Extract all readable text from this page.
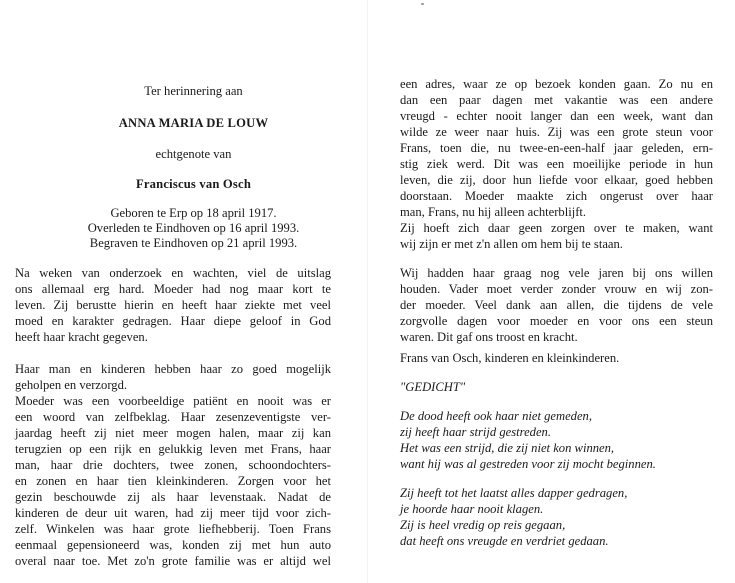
Ter herinnering aan
ANNA MARIA DE LOUW
echtgenote van
Franciscus van Osch
Geboren te Erp op 18 april 1917.
Overleden te Eindhoven op 16 april 1993.
Begraven te Eindhoven op 21 april 1993.
Na weken van onderzoek en wachten, viel de uitslag
ons allemaal erg hard. Moeder had nog maar kort te
leven. Zij berustte hierin en heeft haar ziekte met veel
moed en karakter gedragen. Haar diepe geloof in God
heeft haar kracht gegeven.
Haar man en kinderen hebben haar zo goed mogelijk
geholpen en verzorgd.
Moeder was een voorbeeldige patiënt en nooit was er
een woord van zelfbeklag. Haar zesenzeventigste ver-
jaardag heeft zij niet meer mogen halen, maar zij kan
terugzien op een rijk en gelukkig leven met Frans, haar
man, haar drie dochters, twee zonen, schoondochters-
en zonen en haar tien kleinkinderen. Zorgen voor het
gezin beschouwde zij als haar levenstaak. Nadat de
kinderen de deur uit waren, had zij meer tijd voor zich-
zelf. Winkelen was haar grote liefhebberij. Toen Frans
eenmaal gepensioneerd was, konden zij met hun auto
overal naar toe. Met zo'n grote familie was er altijd wel
een adres, waar ze op bezoek konden gaan. Zo nu en
dan een paar dagen met vakantie was een andere
vreugd - echter nooit langer dan een week, want dan
wilde ze weer naar huis. Zij was een grote steun voor
Frans, toen die, nu twee-en-een-half jaar geleden, ern-
stig ziek werd. Dit was een moeilijke periode in hun
leven, die zij, door hun liefde voor elkaar, goed hebben
doorstaan. Moeder maakte zich ongerust over haar
man, Frans, nu hij alleen achterblijft.
Zij hoeft zich daar geen zorgen over te maken, want
wij zijn er met z'n allen om hem bij te staan.
Wij hadden haar graag nog vele jaren bij ons willen
houden. Vader moet verder zonder vrouw en wij zon-
der moeder. Veel dank aan allen, die tijdens de vele
zorgvolle dagen voor moeder en voor ons een steun
waren. Dit gaf ons troost en kracht.
Frans van Osch, kinderen en kleinkinderen.
"GEDICHT"
De dood heeft ook haar niet gemeden,
zij heeft haar strijd gestreden.
Het was een strijd, die zij niet kon winnen,
want hij was al gestreden voor zij mocht beginnen.
Zij heeft tot het laatst alles dapper gedragen,
je hoorde haar nooit klagen.
Zij is heel vredig op reis gegaan,
dat heeft ons vreugde en verdriet gedaan.
